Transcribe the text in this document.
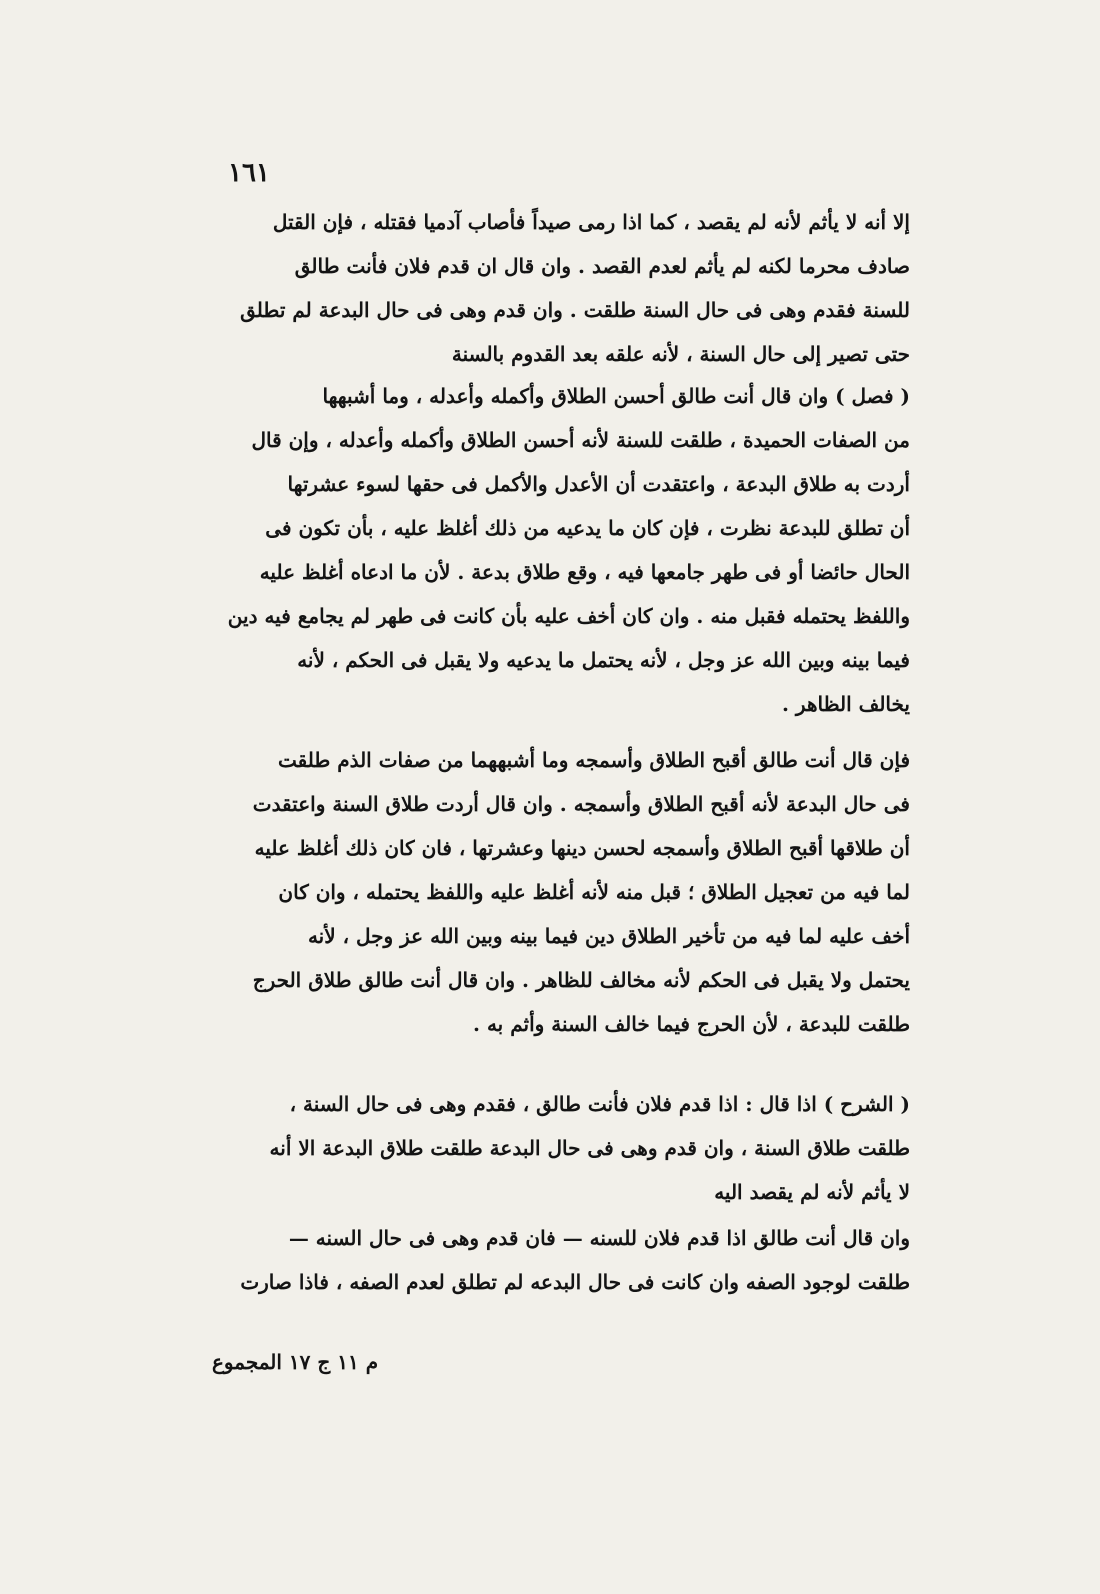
١٦١
إلا أنه لا يأثم لأنه لم يقصد ، كما اذا رمى صيداً فأصاب آدميا فقتله ، فإن القتل
صادف محرما لكنه لم يأثم لعدم القصد . وان قال ان قدم فلان فأنت طالق
للسنة فقدم وهى فى حال السنة طلقت . وان قدم وهى فى حال البدعة لم تطلق
حتى تصير إلى حال السنة ، لأنه علقه بعد القدوم بالسنة
( فصل ) وان قال أنت طالق أحسن الطلاق وأكمله وأعدله ، وما أشبهها
من الصفات الحميدة ، طلقت للسنة لأنه أحسن الطلاق وأكمله وأعدله ، وإن قال
أردت به طلاق البدعة ، واعتقدت أن الأعدل والأكمل فى حقها لسوء عشرتها
أن تطلق للبدعة نظرت ، فإن كان ما يدعيه من ذلك أغلظ عليه ، بأن تكون فى
الحال حائضا أو فى طهر جامعها فيه ، وقع طلاق بدعة . لأن ما ادعاه أغلظ عليه
واللفظ يحتمله فقبل منه . وان كان أخف عليه بأن كانت فى طهر لم يجامع فيه دين
فيما بينه وبين الله عز وجل ، لأنه يحتمل ما يدعيه ولا يقبل فى الحكم ، لأنه
يخالف الظاهر .
فإن قال أنت طالق أقبح الطلاق وأسمجه وما أشبههما من صفات الذم طلقت
فى حال البدعة لأنه أقبح الطلاق وأسمجه . وان قال أردت طلاق السنة واعتقدت
أن طلاقها أقبح الطلاق وأسمجه لحسن دينها وعشرتها ، فان كان ذلك أغلظ عليه
لما فيه من تعجيل الطلاق ؛ قبل منه لأنه أغلظ عليه واللفظ يحتمله ، وان كان
أخف عليه لما فيه من تأخير الطلاق دين فيما بينه وبين الله عز وجل ، لأنه
يحتمل ولا يقبل فى الحكم لأنه مخالف للظاهر . وان قال أنت طالق طلاق الحرج
طلقت للبدعة ، لأن الحرج فيما خالف السنة وأثم به .
( الشرح ) اذا قال : اذا قدم فلان فأنت طالق ، فقدم وهى فى حال السنة ،
طلقت طلاق السنة ، وان قدم وهى فى حال البدعة طلقت طلاق البدعة الا أنه
لا يأثم لأنه لم يقصد اليه
وان قال أنت طالق اذا قدم فلان للسنه — فان قدم وهى فى حال السنه —
طلقت لوجود الصفه وان كانت فى حال البدعه لم تطلق لعدم الصفه ، فاذا صارت
م ١١ ج ١٧ المجموع
